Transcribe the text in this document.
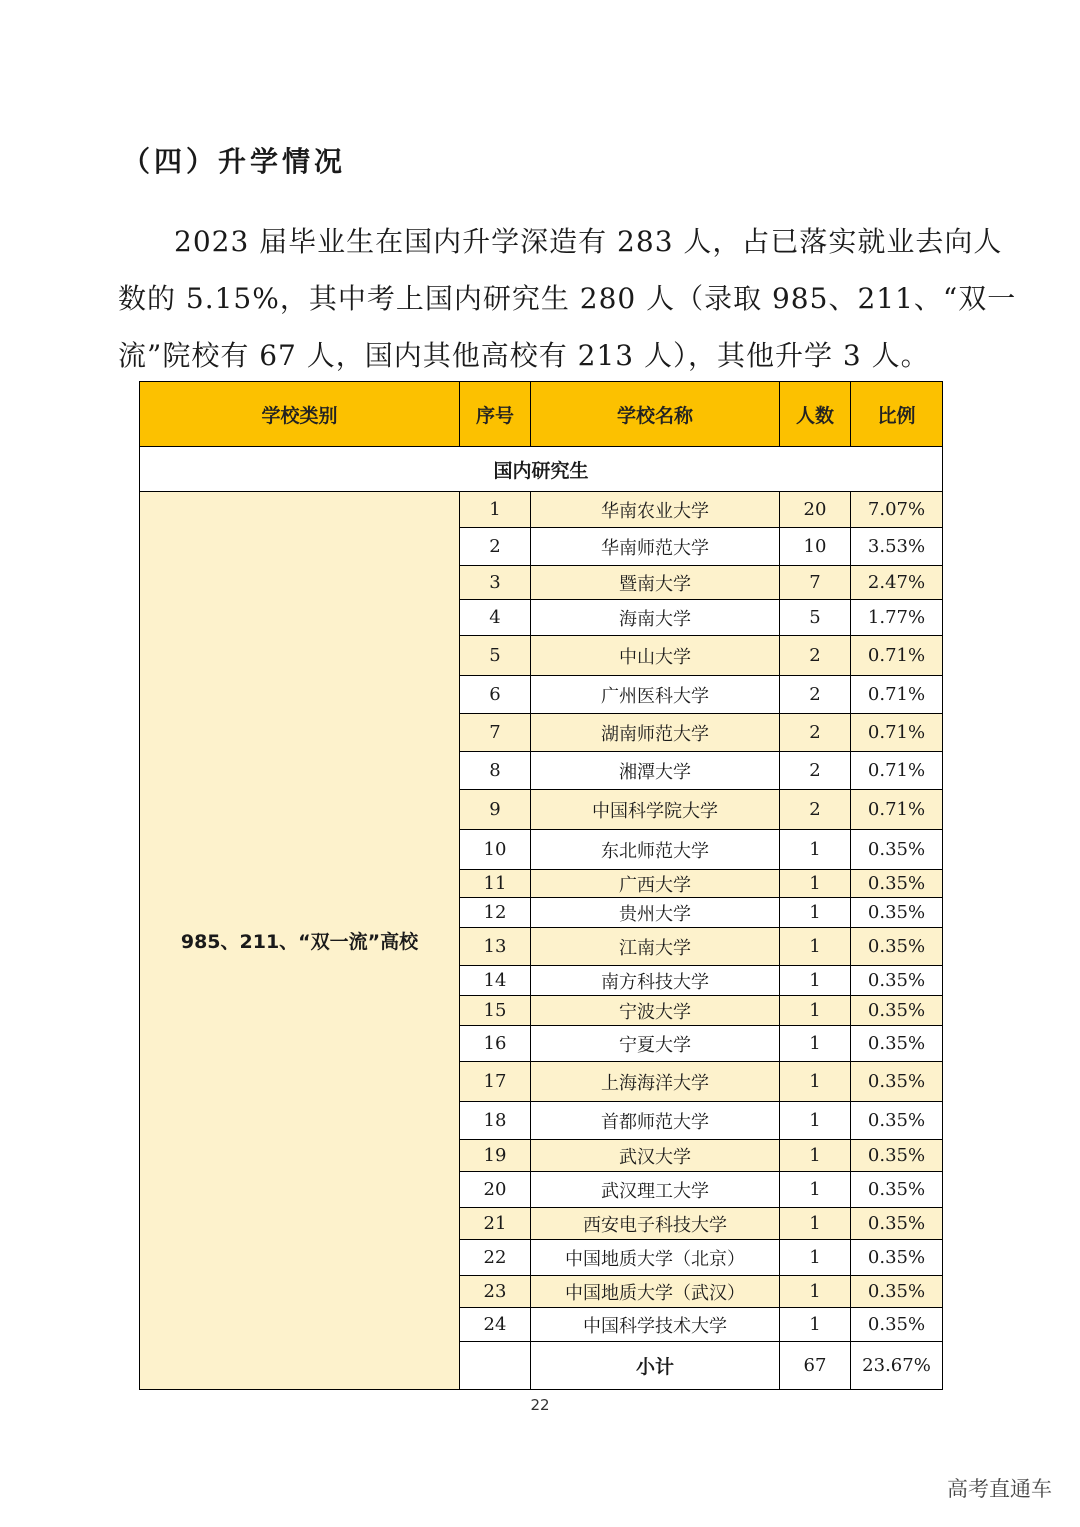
（四）升学情况
2023 届毕业生在国内升学深造有 283 人，占已落实就业去向人
数的 5.15%，其中考上国内研究生 280 人（录取 985、211、“双一
流”院校有 67 人，国内其他高校有 213 人），其他升学 3 人。
学校类别	序号	学校名称	人数	比例
国内研究生				
985、211、“双一流”高校	1	华南农业大学	20	7.07%
	2	华南师范大学	10	3.53%
	3	暨南大学	7	2.47%
	4	海南大学	5	1.77%
	5	中山大学	2	0.71%
	6	广州医科大学	2	0.71%
	7	湖南师范大学	2	0.71%
	8	湘潭大学	2	0.71%
	9	中国科学院大学	2	0.71%
	10	东北师范大学	1	0.35%
	11	广西大学	1	0.35%
	12	贵州大学	1	0.35%
	13	江南大学	1	0.35%
	14	南方科技大学	1	0.35%
	15	宁波大学	1	0.35%
	16	宁夏大学	1	0.35%
	17	上海海洋大学	1	0.35%
	18	首都师范大学	1	0.35%
	19	武汉大学	1	0.35%
	20	武汉理工大学	1	0.35%
	21	西安电子科技大学	1	0.35%
	22	中国地质大学（北京）	1	0.35%
	23	中国地质大学（武汉）	1	0.35%
	24	中国科学技术大学	1	0.35%
		小计	67	23.67%
22
高考直通车
